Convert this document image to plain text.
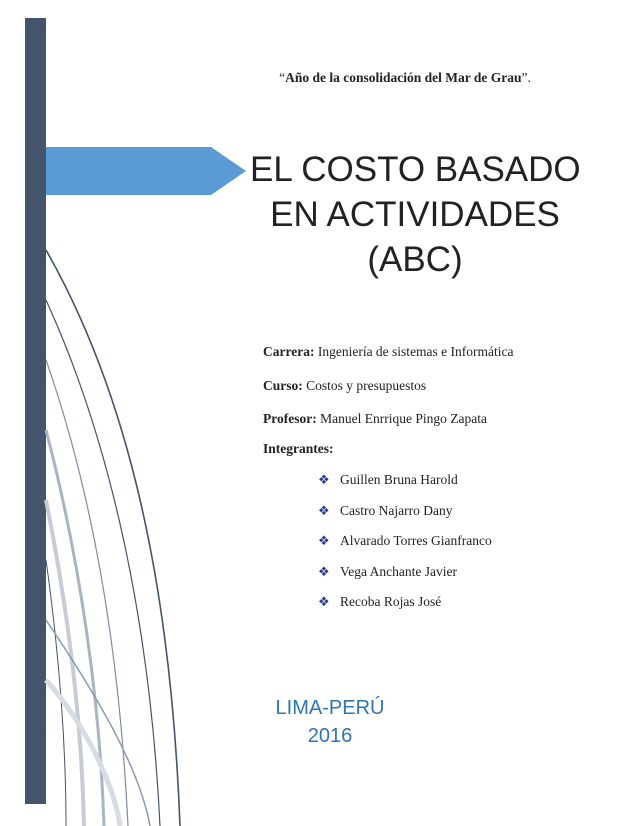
“Año de la consolidación del Mar de Grau”.
EL COSTO BASADO
EN ACTIVIDADES
(ABC)
Carrera: Ingeniería de sistemas e Informática
Curso: Costos y presupuestos
Profesor: Manuel Enrrique Pingo Zapata
Integrantes:
❖ Guillen Bruna Harold
❖ Castro Najarro Dany
❖ Alvarado Torres Gianfranco
❖ Vega Anchante Javier
❖ Recoba Rojas José
LIMA-PERÚ
2016
